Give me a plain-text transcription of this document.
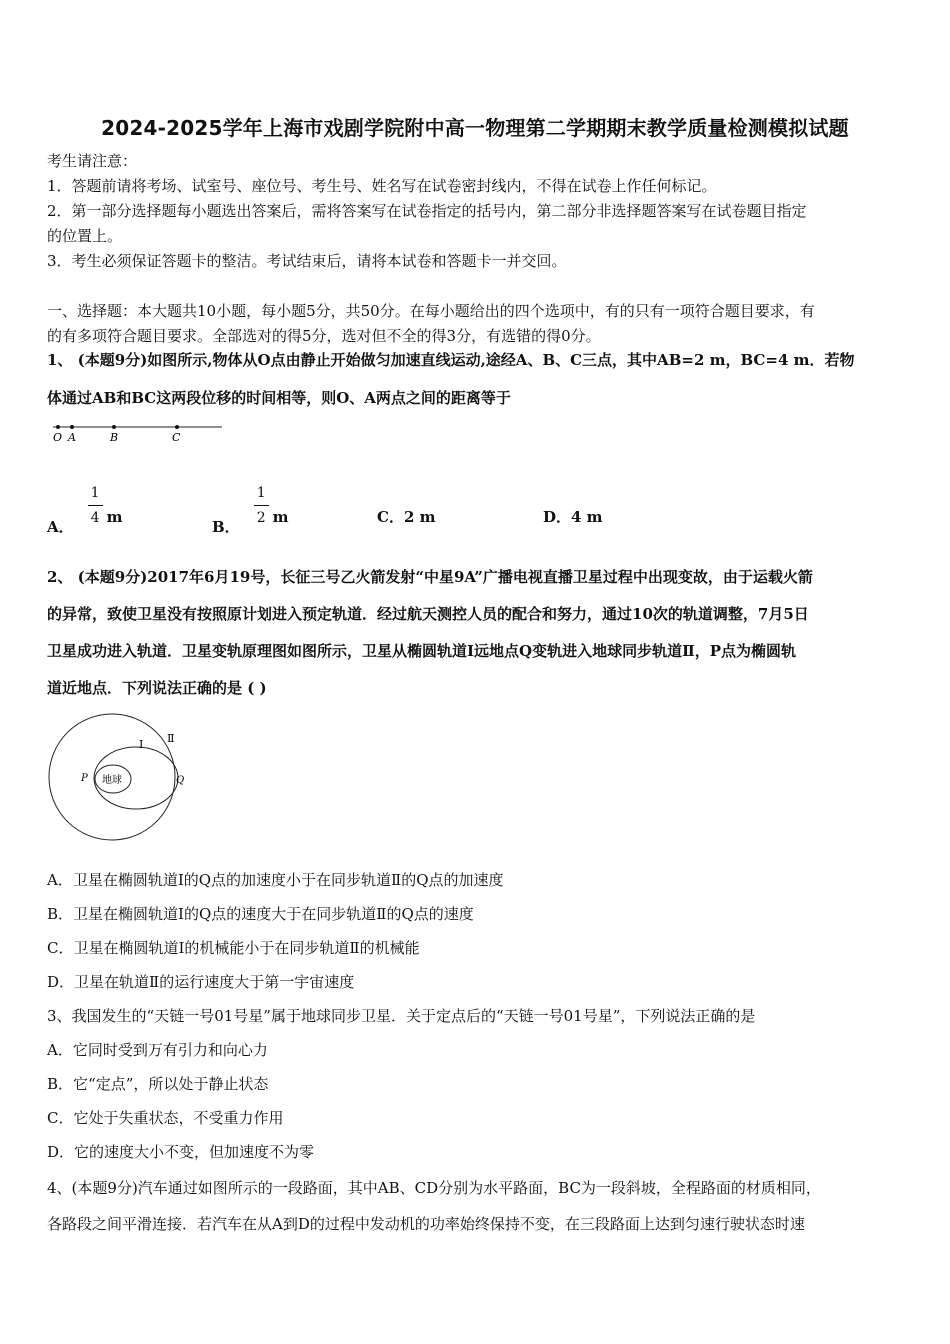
2024-2025学年上海市戏剧学院附中高一物理第二学期期末教学质量检测模拟试题
考生请注意：
1．答题前请将考场、试室号、座位号、考生号、姓名写在试卷密封线内，不得在试卷上作任何标记。
2．第一部分选择题每小题选出答案后，需将答案写在试卷指定的括号内，第二部分非选择题答案写在试卷题目指定
的位置上。
3．考生必须保证答题卡的整洁。考试结束后，请将本试卷和答题卡一并交回。
一、选择题：本大题共10小题，每小题5分，共50分。在每小题给出的四个选项中，有的只有一项符合题目要求，有
的有多项符合题目要求。全部选对的得5分，选对但不全的得3分，有选错的得0分。
1、 (本题9分)如图所示,物体从O点由静止开始做匀加速直线运动,途经A、B、C三点，其中AB=2 m，BC=4 m．若物
体通过AB和BC这两段位移的时间相等，则O、A两点之间的距离等于
O A	B	C
A． $\frac{1}{4}$ m
B． $\frac{1}{2}$ m	C．2 m	D．4 m
2、 (本题9分)2017年6月19号，长征三号乙火箭发射“中星9A”广播电视直播卫星过程中出现变故，由于运载火箭
的异常，致使卫星没有按照原计划进入预定轨道．经过航天测控人员的配合和努力，通过10次的轨道调整，7月5日
卫星成功进入轨道．卫星变轨原理图如图所示，卫星从椭圆轨道Ⅰ远地点Q变轨进入地球同步轨道Ⅱ，P点为椭圆轨
道近地点．下列说法正确的是 ( )
地球
Ⅰ Ⅱ
P	Q
A．卫星在椭圆轨道Ⅰ的Q点的加速度小于在同步轨道Ⅱ的Q点的加速度
B．卫星在椭圆轨道Ⅰ的Q点的速度大于在同步轨道Ⅱ的Q点的速度
C．卫星在椭圆轨道Ⅰ的机械能小于在同步轨道Ⅱ的机械能
D．卫星在轨道Ⅱ的运行速度大于第一宇宙速度
3、我国发生的“天链一号01号星”属于地球同步卫星．关于定点后的“天链一号01号星”，下列说法正确的是
A．它同时受到万有引力和向心力
B．它“定点”，所以处于静止状态
C．它处于失重状态，不受重力作用
D．它的速度大小不变，但加速度不为零
4、(本题9分)汽车通过如图所示的一段路面，其中AB、CD分别为水平路面，BC为一段斜坡，全程路面的材质相同，
各路段之间平滑连接．若汽车在从A到D的过程中发动机的功率始终保持不变，在三段路面上达到匀速行驶状态时速
